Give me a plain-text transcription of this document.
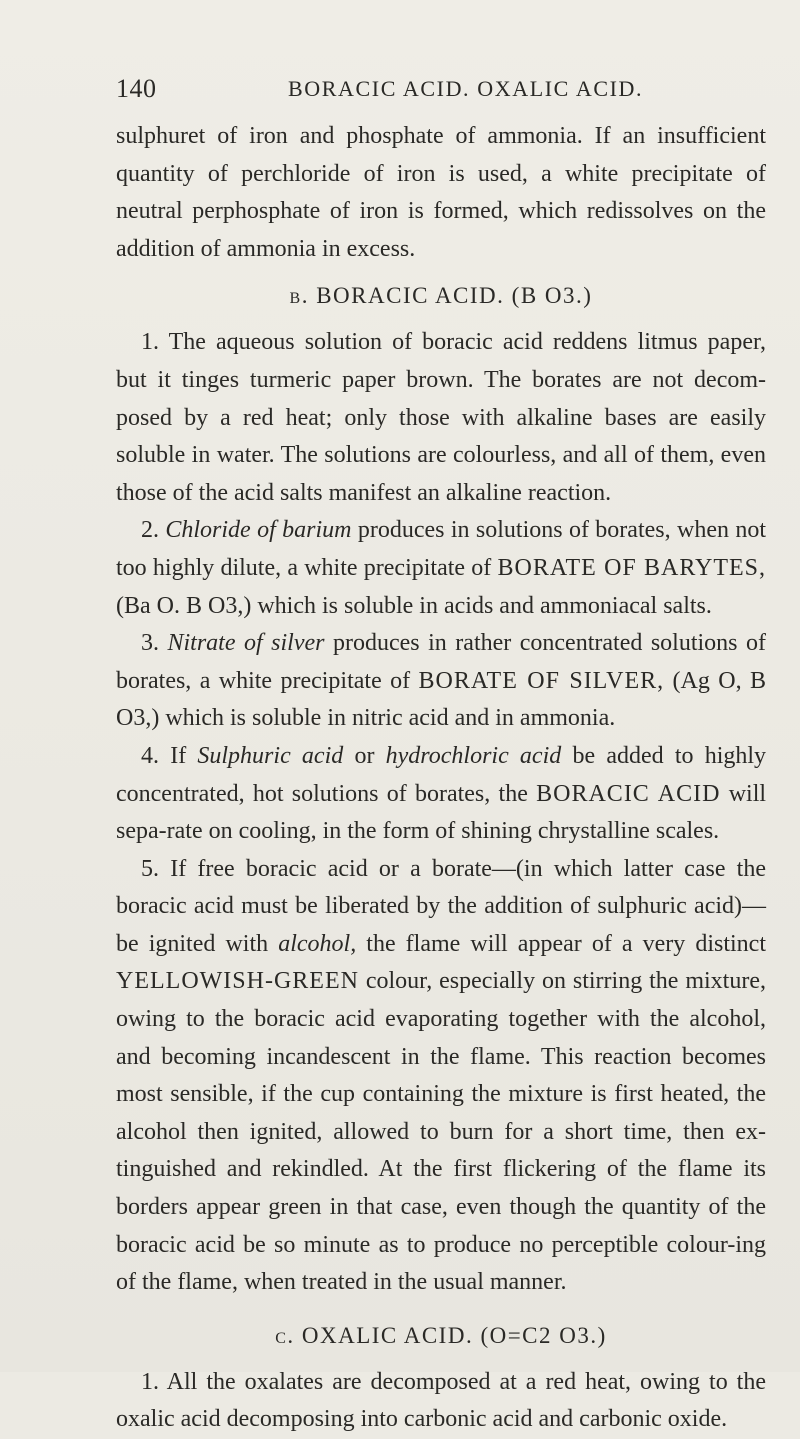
140	BORACIC ACID. OXALIC ACID.

sulphuret of iron and phosphate of ammonia. If an insufficient quantity of perchloride of iron is used, a white precipitate of neutral perphosphate of iron is formed, which redissolves on the addition of ammonia in excess.

b. BORACIC ACID. (B O3.)

1. The aqueous solution of boracic acid reddens litmus paper, but it tinges turmeric paper brown. The borates are not decom-posed by a red heat; only those with alkaline bases are easily soluble in water. The solutions are colourless, and all of them, even those of the acid salts manifest an alkaline reaction.

2. Chloride of barium produces in solutions of borates, when not too highly dilute, a white precipitate of BORATE OF BARYTES, (Ba O. B O3,) which is soluble in acids and ammoniacal salts.

3. Nitrate of silver produces in rather concentrated solutions of borates, a white precipitate of BORATE OF SILVER, (Ag O, B O3,) which is soluble in nitric acid and in ammonia.

4. If Sulphuric acid or hydrochloric acid be added to highly concentrated, hot solutions of borates, the BORACIC ACID will sepa-rate on cooling, in the form of shining chrystalline scales.

5. If free boracic acid or a borate—(in which latter case the boracic acid must be liberated by the addition of sulphuric acid)— be ignited with alcohol, the flame will appear of a very distinct YELLOWISH-GREEN colour, especially on stirring the mixture, owing to the boracic acid evaporating together with the alcohol, and becoming incandescent in the flame. This reaction becomes most sensible, if the cup containing the mixture is first heated, the alcohol then ignited, allowed to burn for a short time, then ex-tinguished and rekindled. At the first flickering of the flame its borders appear green in that case, even though the quantity of the boracic acid be so minute as to produce no perceptible colour-ing of the flame, when treated in the usual manner.

c. OXALIC ACID. (O=C2 O3.)

1. All the oxalates are decomposed at a red heat, owing to the oxalic acid decomposing into carbonic acid and carbonic oxide.
